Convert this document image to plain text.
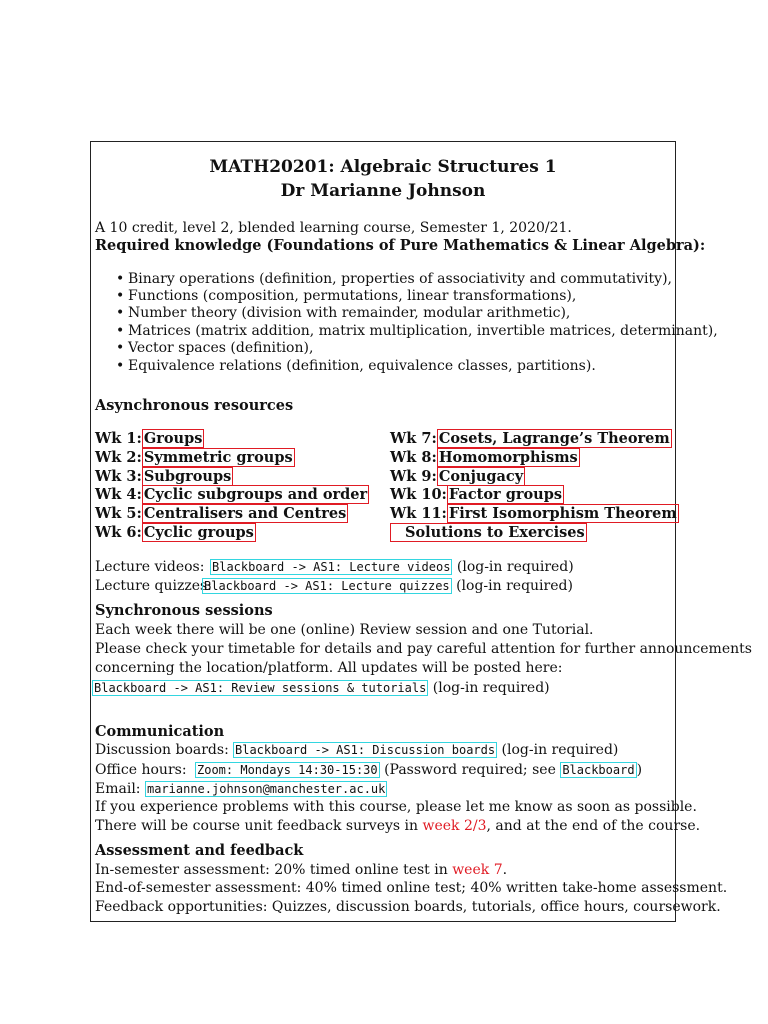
MATH20201: Algebraic Structures 1
Dr Marianne Johnson
A 10 credit, level 2, blended learning course, Semester 1, 2020/21.
Required knowledge (Foundations of Pure Mathematics & Linear Algebra):
• Binary operations (definition, properties of associativity and commutativity),
• Functions (composition, permutations, linear transformations),
• Number theory (division with remainder, modular arithmetic),
• Matrices (matrix addition, matrix multiplication, invertible matrices, determinant),
• Vector spaces (definition),
• Equivalence relations (definition, equivalence classes, partitions).
Asynchronous resources
Wk 1: Groups
Wk 2: Symmetric groups
Wk 3: Subgroups
Wk 4: Cyclic subgroups and order
Wk 5: Centralisers and Centres
Wk 6: Cyclic groups
Wk 7: Cosets, Lagrange’s Theorem
Wk 8: Homomorphisms
Wk 9: Conjugacy
Wk 10: Factor groups
Wk 11: First Isomorphism Theorem
Solutions to Exercises
Lecture videos: Blackboard -> AS1: Lecture videos (log-in required)
Lecture quizzes:Blackboard -> AS1: Lecture quizzes (log-in required)
Synchronous sessions
Each week there will be one (online) Review session and one Tutorial.
Please check your timetable for details and pay careful attention for further announcements
concerning the location/platform. All updates will be posted here:
Blackboard -> AS1: Review sessions & tutorials (log-in required)
Communication
Discussion boards: Blackboard -> AS1: Discussion boards (log-in required)
Office hours: Zoom: Mondays 14:30-15:30 (Password required; see Blackboard )
Email: marianne.johnson@manchester.ac.uk
If you experience problems with this course, please let me know as soon as possible.
There will be course unit feedback surveys in week 2/3, and at the end of the course.
Assessment and feedback
In-semester assessment: 20% timed online test in week 7.
End-of-semester assessment: 40% timed online test; 40% written take-home assessment.
Feedback opportunities: Quizzes, discussion boards, tutorials, office hours, coursework.
